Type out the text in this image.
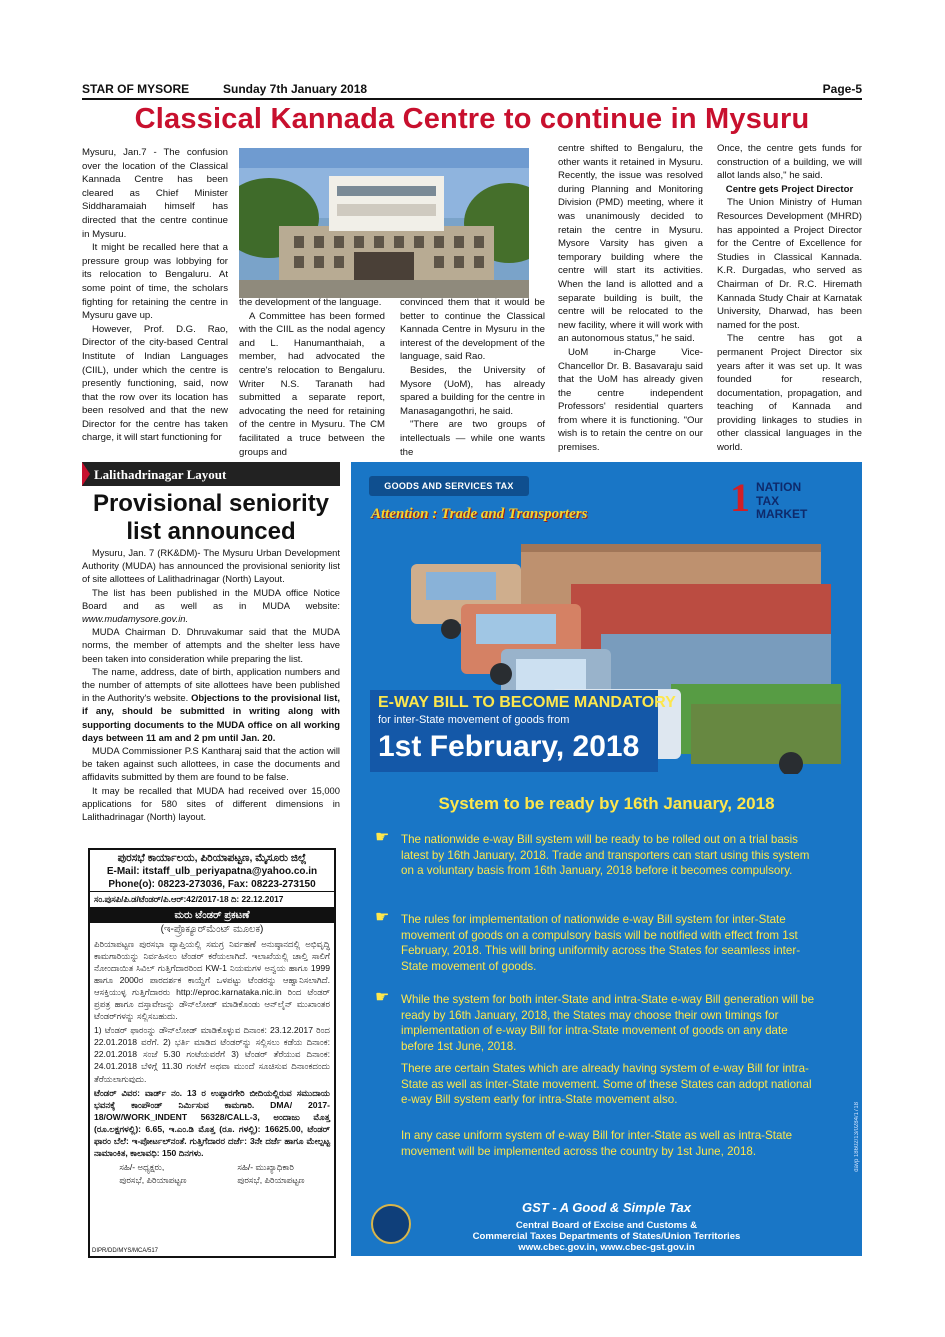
STAR OF MYSORE	Sunday 7th January 2018	Page-5
Classical Kannada Centre to continue in Mysuru

Mysuru, Jan.7 - The confusion over the location of the Classical Kannada Centre has been cleared as Chief Minister Siddharamaiah himself has directed that the centre continue in Mysuru.

It might be recalled here that a pressure group was lobbying for its relocation to Bengaluru. At some point of time, the scholars fighting for retaining the centre in Mysuru gave up.

However, Prof. D.G. Rao, Director of the city-based Central Institute of Indian Languages (CIIL), under which the centre is presently functioning, said, now that the row over its location has been resolved and that the new Director for the centre has taken charge, it will start functioning for

the development of the language.

A Committee has been formed with the CIIL as the nodal agency and L. Hanumanthaiah, a member, had advocated the centre's relocation to Bengaluru. Writer N.S. Taranath had submitted a separate report, advocating the need for retaining of the centre in Mysuru. The CM facilitated a truce between the groups and

convinced them that it would be better to continue the Classical Kannada Centre in Mysuru in the interest of the development of the language, said Rao.

Besides, the University of Mysore (UoM), has already spared a building for the centre in Manasagangothri, he said.

"There are two groups of intellectuals — while one wants the

centre shifted to Bengaluru, the other wants it retained in Mysuru. Recently, the issue was resolved during Planning and Monitoring Division (PMD) meeting, where it was unanimously decided to retain the centre in Mysuru. Mysore Varsity has given a temporary building where the centre will start its activities. When the land is allotted and a separate building is built, the centre will be relocated to the new facility, where it will work with an autonomous status," he said.

UoM in-Charge Vice-Chancellor Dr. B. Basavaraju said that the UoM has already given the centre independent Professors' residential quarters from where it is functioning. "Our wish is to retain the centre on our premises.

Once, the centre gets funds for construction of a building, we will allot lands also," he said.

Centre gets Project Director

The Union Ministry of Human Resources Development (MHRD) has appointed a Project Director for the Centre of Excellence for Studies in Classical Kannada. K.R. Durgadas, who served as Chairman of Dr. R.C. Hiremath Kannada Study Chair at Karnatak University, Dharwad, has been named for the post.

The centre has got a permanent Project Director six years after it was set up. It was founded for research, documentation, propagation, and teaching of Kannada and providing linkages to studies in other classical languages in the world.

Lalithadrinagar Layout
Provisional seniority list announced

Mysuru, Jan. 7 (RK&DM)- The Mysuru Urban Development Authority (MUDA) has announced the provisional seniority list of site allottees of Lalithadrinagar (North) Layout.

The list has been published in the MUDA office Notice Board and as well as in MUDA website: www.mudamysore.gov.in.

MUDA Chairman D. Dhruvakumar said that the MUDA norms, the member of attempts and the shelter less have been taken into consideration while preparing the list.

The name, address, date of birth, application numbers and the number of attempts of site allottees have been published in the Authority's website. Objections to the provisional list, if any, should be submitted in writing along with supporting documents to the MUDA office on all working days between 11 am and 2 pm until Jan. 20.

MUDA Commissioner P.S Kantharaj said that the action will be taken against such allottees, in case the documents and affidavits submitted by them are found to be false.

It may be recalled that MUDA had received over 15,000 applications for 580 sites of different dimensions in Lalithadrinagar (North) layout.

ಪುರಸಭೆ ಕಾರ್ಯಾಲಯ, ಪಿರಿಯಾಪಟ್ಟಣ, ಮೈಸೂರು ಜಿಲ್ಲೆ
E-Mail: itstaff_ulb_periyapatna@yahoo.co.in
Phone(o): 08223-273036, Fax: 08223-273150
ಸಂ.ಪುಸಪಿ/ಪಿ.ಡ/ಟೆಂಡರ್/ಪಿ.ಆರ್:42/2017-18 ದಿ: 22.12.2017
ಮರು ಟೆಂಡರ್ ಪ್ರಕಟಣೆ
(ಇ-ಪ್ರೊಕ್ಯೂರ್‌ಮೆಂಟ್ ಮೂಲಕ)
ಪಿರಿಯಾಪಟ್ಟಣ ಪುರಸಭಾ ವ್ಯಾಪ್ತಿಯಲ್ಲಿ ಸಮಗ್ರ ನಿರ್ವಹಣೆ ಅನುಷ್ಠಾನದಲ್ಲಿ ಅಭಿವೃದ್ಧಿ ಕಾಮಗಾರಿಯನ್ನು ನಿರ್ವಹಿಸಲು ಟೆಂಡರ್ ಕರೆಯಲಾಗಿದೆ. ಇಲಾಖೆಯಲ್ಲಿ ಚಾಲ್ತಿ ಸಾಲಿಗೆ ನೋಂದಾಯಿತ ಸಿವಿಲ್ ಗುತ್ತಿಗೆದಾರರಿಂದ KW-1 ನಿಯಮಗಳ ಅನ್ವಯ ಹಾಗೂ 1999 ಹಾಗೂ 2000ರ ಪಾರದರ್ಶಕ ಕಾಯ್ದೆಗೆ ಒಳಪಟ್ಟು ಟೆಂಡರನ್ನು ಆಹ್ವಾನಿಸಲಾಗಿದೆ. ಆಸಕ್ತಿಯುಳ್ಳ ಗುತ್ತಿಗೆದಾರರು http://eproc.karnataka.nic.in ರಿಂದ ಟೆಂಡರ್ ಪ್ರಪತ್ರ ಹಾಗೂ ದಸ್ತಾವೇಜನ್ನು ಡೌನ್‌ಲೋಡ್ ಮಾಡಿಕೊಂಡು ಆನ್‌ಲೈನ್ ಮುಖಾಂತರ ಟೆಂಡರ್‌ಗಳನ್ನು ಸಲ್ಲಿಸಬಹುದು.
1) ಟೆಂಡರ್ ಫಾರಂನ್ನು ಡೌನ್‌ಲೋಡ್ ಮಾಡಿಕೊಳ್ಳುವ ದಿನಾಂಕ: 23.12.2017 ರಿಂದ 22.01.2018 ವರೆಗೆ. 2) ಭರ್ತಿ ಮಾಡಿದ ಟೆಂಡರ್‌ನ್ನು ಸಲ್ಲಿಸಲು ಕಡೆಯ ದಿನಾಂಕ: 22.01.2018 ಸಂಜೆ 5.30 ಗಂಟೆಯವರೆಗೆ 3) ಟೆಂಡರ್ ತೆರೆಯುವ ದಿನಾಂಕ: 24.01.2018 ಬೆಳಿಗ್ಗೆ 11.30 ಗಂಟೆಗೆ ಅಥವಾ ಮುಂದೆ ಸೂಚಿಸುವ ದಿನಾಂಕದಂದು ತೆರೆಯಲಾಗುವುದು.
ಟೆಂಡರ್ ವಿವರ: ವಾರ್ಡ್ ನಂ. 13 ರ ಉಪ್ಪಾರಗೇರಿ ಬೀದಿಯಲ್ಲಿರುವ ಸಮುದಾಯ ಭವನಕ್ಕೆ ಕಾಂಪೌಂಡ್ ನಿರ್ಮಿಸುವ ಕಾಮಗಾರಿ. DMA/ 2017-18/OW/WORK_INDENT 56328/CALL-3, ಅಂದಾಜು ಮೊತ್ತ (ರೂ.ಲಕ್ಷಗಳಲ್ಲಿ): 6.65, ಇ.ಎಂ.ಡಿ ಮೊತ್ತ (ರೂ. ಗಳಲ್ಲಿ): 16625.00, ಟೆಂಡರ್ ಫಾರಂ ಬೆಲೆ: ಇ-ಪೋರ್ಟಲ್‌ನಂತೆ. ಗುತ್ತಿಗೆದಾರರ ದರ್ಜೆ: 3ನೇ ದರ್ಜೆ ಹಾಗೂ ಮೇಲ್ಪಟ್ಟ ನಾಮಾಂಕಿತ, ಕಾಲಾವಧಿ: 150 ದಿನಗಳು.
ಸಹಿ/- ಅಧ್ಯಕ್ಷರು,
ಪುರಸಭೆ, ಪಿರಿಯಾಪಟ್ಟಣ
ಸಹಿ/- ಮುಖ್ಯಾಧಿಕಾರಿ
ಪುರಸಭೆ, ಪಿರಿಯಾಪಟ್ಟಣ
DIPR/DD/MYS/MCA/517
GOODS AND SERVICES TAX
Attention : Trade and Transporters	1 NATION
TAX
MARKET
E-WAY BILL TO BECOME MANDATORY
for inter-State movement of goods from
1st February, 2018
System to be ready by 16th January, 2018
☛ The nationwide e-way Bill system will be ready to be rolled out on a trial basis latest by 16th January, 2018. Trade and transporters can start using this system on a voluntary basis from 16th January, 2018 before it becomes compulsory.
☛ The rules for implementation of nationwide e-way Bill system for inter-State movement of goods on a compulsory basis will be notified with effect from 1st February, 2018. This will bring uniformity across the States for seamless inter-State movement of goods.
☛ While the system for both inter-State and intra-State e-way Bill generation will be ready by 16th January, 2018, the States may choose their own timings for implementation of e-way Bill for intra-State movement of goods on any date before 1st June, 2018.
There are certain States which are already having system of e-way Bill for intra-State as well as inter-State movement. Some of these States can adopt national e-way Bill system early for intra-State movement also.
In any case uniform system of e-way Bill for inter-State as well as intra-State movement will be implemented across the country by 1st June, 2018.
GST - A Good & Simple Tax
Central Board of Excise and Customs &
Commercial Taxes Departments of States/Union Territories
www.cbec.gov.in, www.cbec-gst.gov.in
davp 18602/13/0284/1718
